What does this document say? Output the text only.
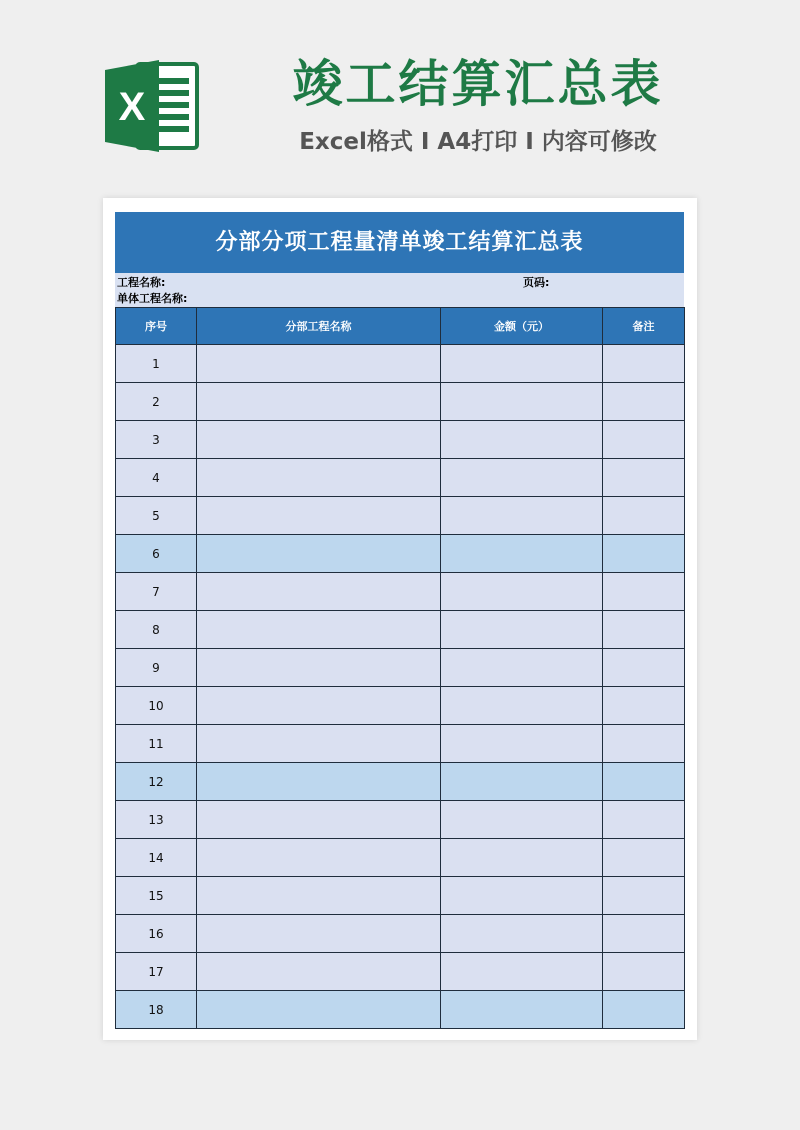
X	竣工结算汇总表
Excel格式 I A4打印 I 内容可修改
分部分项工程量清单竣工结算汇总表
工程名称:	页码:
单体工程名称:
序号	分部工程名称	金额（元）	备注
1			
2			
3			
4			
5			
6			
7			
8			
9			
10			
11			
12			
13			
14			
15			
16			
17			
18			
